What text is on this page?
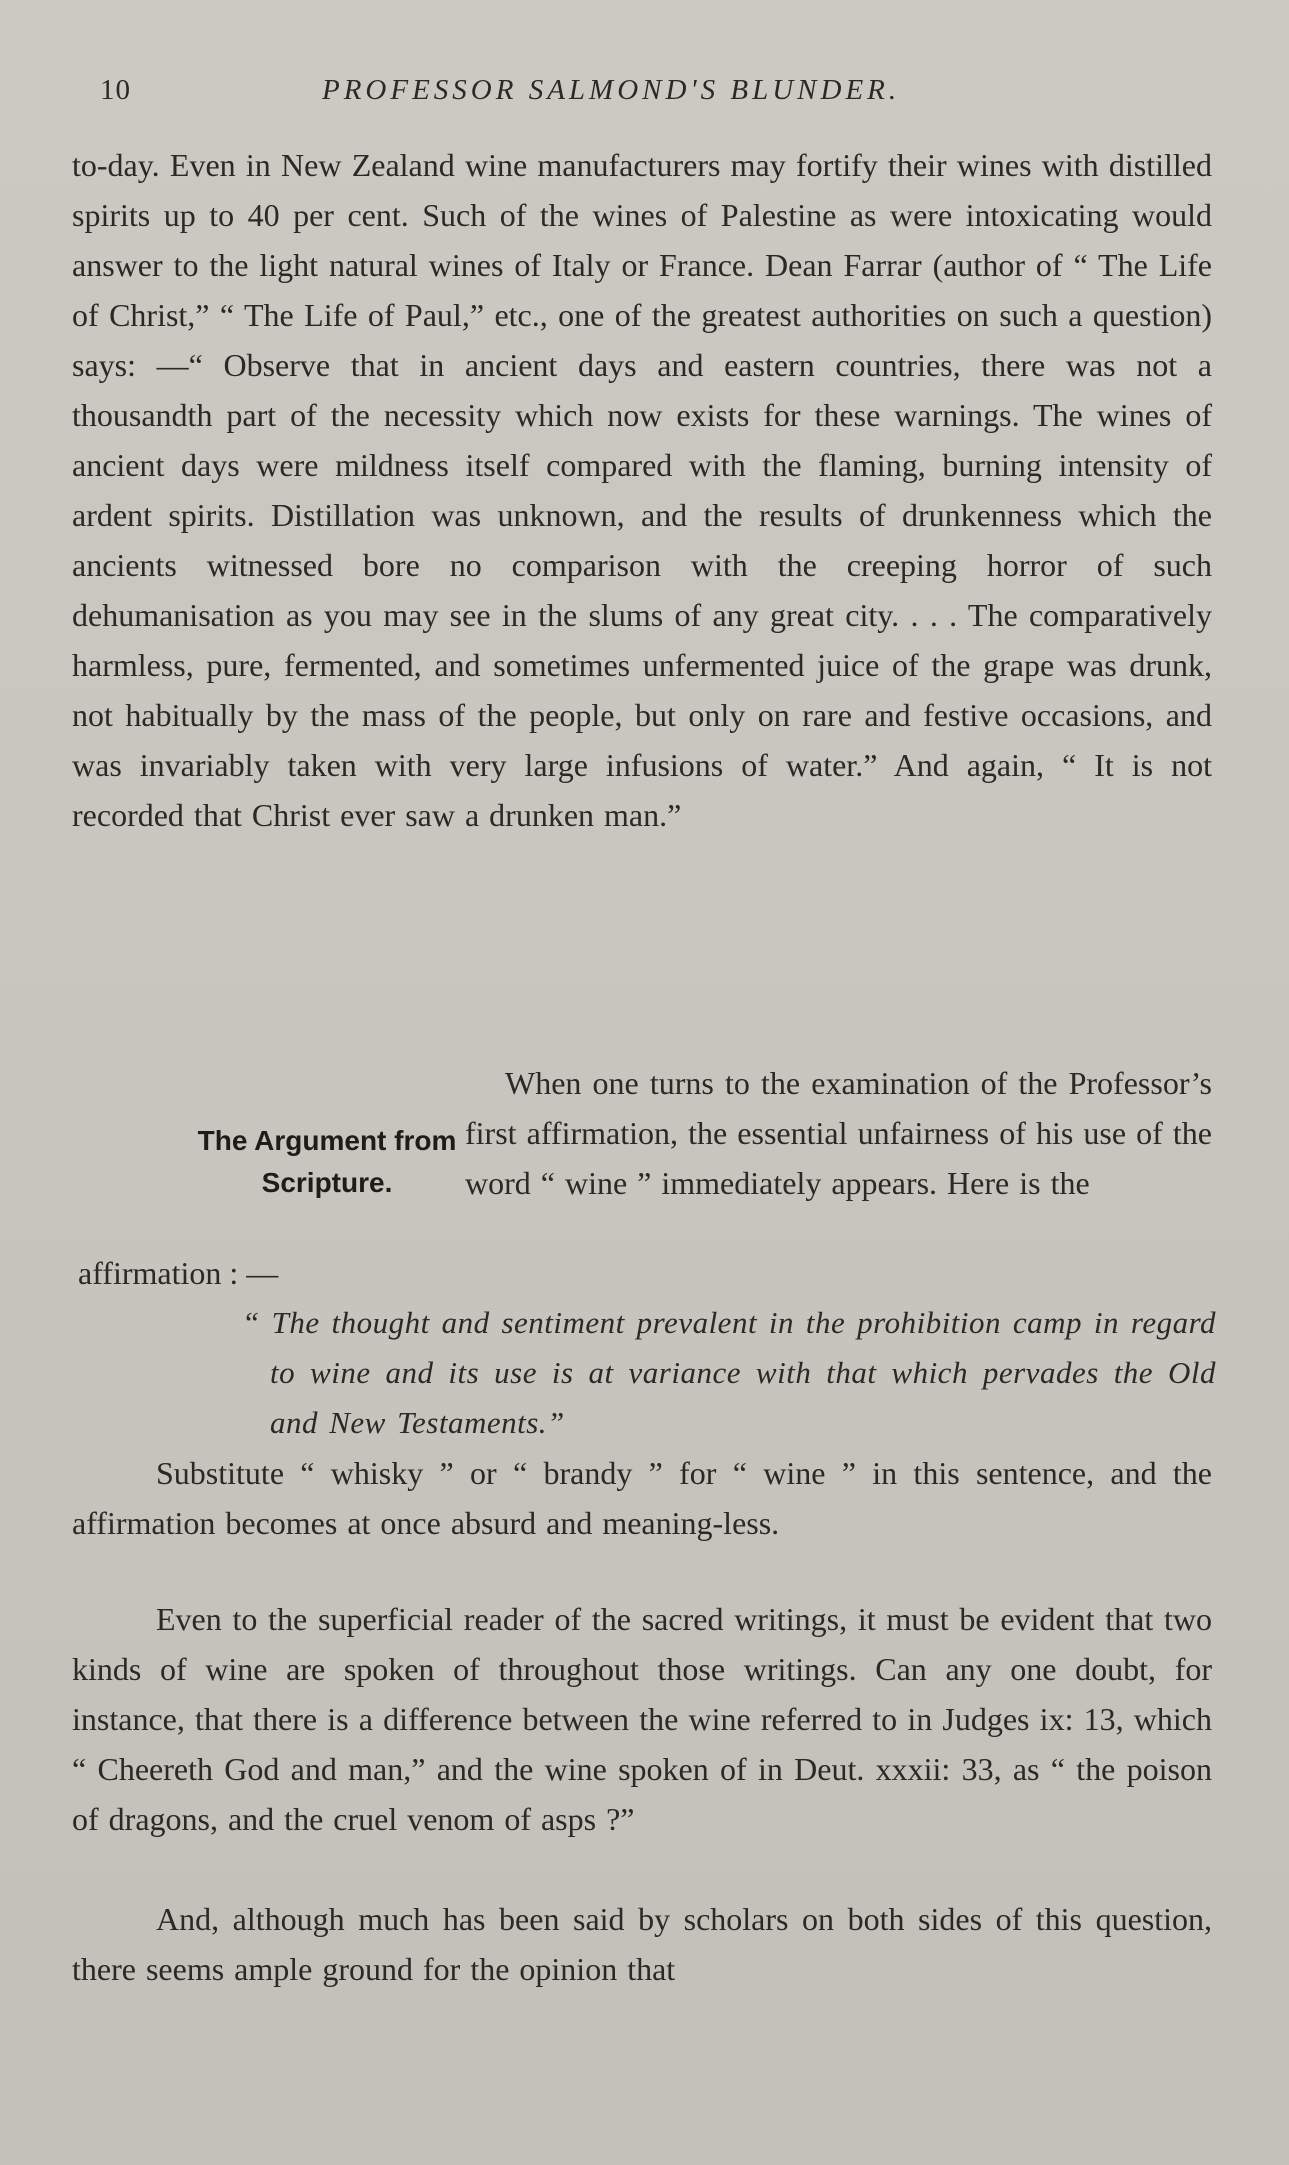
10	PROFESSOR SALMOND'S BLUNDER.

to-day. Even in New Zealand wine manufacturers may fortify their wines with distilled spirits up to 40 per cent. Such of the wines of Palestine as were intoxicating would answer to the light natural wines of Italy or France. Dean Farrar (author of “ The Life of Christ,” “ The Life of Paul,” etc., one of the greatest authorities on such a question) says: —“ Observe that in ancient days and eastern countries, there was not a thousandth part of the necessity which now exists for these warnings. The wines of ancient days were mildness itself compared with the flaming, burning intensity of ardent spirits. Distillation was unknown, and the results of drunkenness which the ancients witnessed bore no comparison with the creeping horror of such dehumanisation as you may see in the slums of any great city. . . . The comparatively harmless, pure, fermented, and sometimes unfermented juice of the grape was drunk, not habitually by the mass of the people, but only on rare and festive occasions, and was invariably taken with very large infusions of water.” And again, “ It is not recorded that Christ ever saw a drunken man.”

The Argument from Scripture.

When one turns to the examination of the Professor’s first affirmation, the essential unfairness of his use of the word “ wine ” immediately appears. Here is the

affirmation : —
“ The thought and sentiment prevalent in the prohibition camp in regard to wine and its use is at variance with that which pervades the Old and New Testaments.”

Substitute “ whisky ” or “ brandy ” for “ wine ” in this sentence, and the affirmation becomes at once absurd and meaning-less.

Even to the superficial reader of the sacred writings, it must be evident that two kinds of wine are spoken of throughout those writings. Can any one doubt, for instance, that there is a difference between the wine referred to in Judges ix: 13, which “ Cheereth God and man,” and the wine spoken of in Deut. xxxii: 33, as “ the poison of dragons, and the cruel venom of asps ?”

And, although much has been said by scholars on both sides of this question, there seems ample ground for the opinion that
